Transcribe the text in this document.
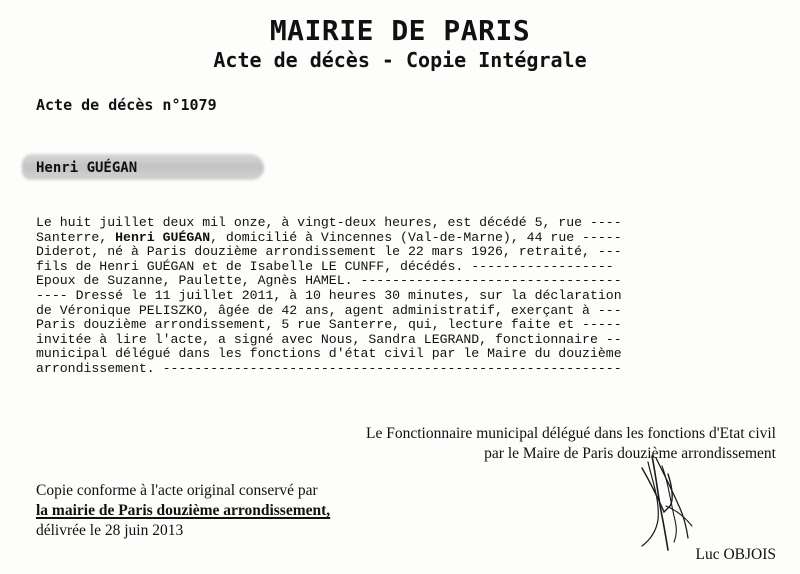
MAIRIE DE PARIS
Acte de décès - Copie Intégrale
Acte de décès n°1079
Henri GUÉGAN
Le huit juillet deux mil onze, à vingt-deux heures, est décédé 5, rue ----
Santerre, Henri GUÉGAN, domicilié à Vincennes (Val-de-Marne), 44 rue -----
Diderot, né à Paris douzième arrondissement le 22 mars 1926, retraité, ---
fils de Henri GUÉGAN et de Isabelle LE CUNFF, décédés. ------------------
Epoux de Suzanne, Paulette, Agnès HAMEL. ---------------------------------
---- Dressé le 11 juillet 2011, à 10 heures 30 minutes, sur la déclaration
de Véronique PELISZKO, âgée de 42 ans, agent administratif, exerçant à ---
Paris douzième arrondissement, 5 rue Santerre, qui, lecture faite et -----
invitée à lire l'acte, a signé avec Nous, Sandra LEGRAND, fonctionnaire --
municipal délégué dans les fonctions d'état civil par le Maire du douzième
arrondissement. ----------------------------------------------------------
Le Fonctionnaire municipal délégué dans les fonctions d'Etat civil
par le Maire de Paris douzième arrondissement
Copie conforme à l'acte original conservé par
la mairie de Paris douzième arrondissement,
délivrée le 28 juin 2013
Luc OBJOIS
